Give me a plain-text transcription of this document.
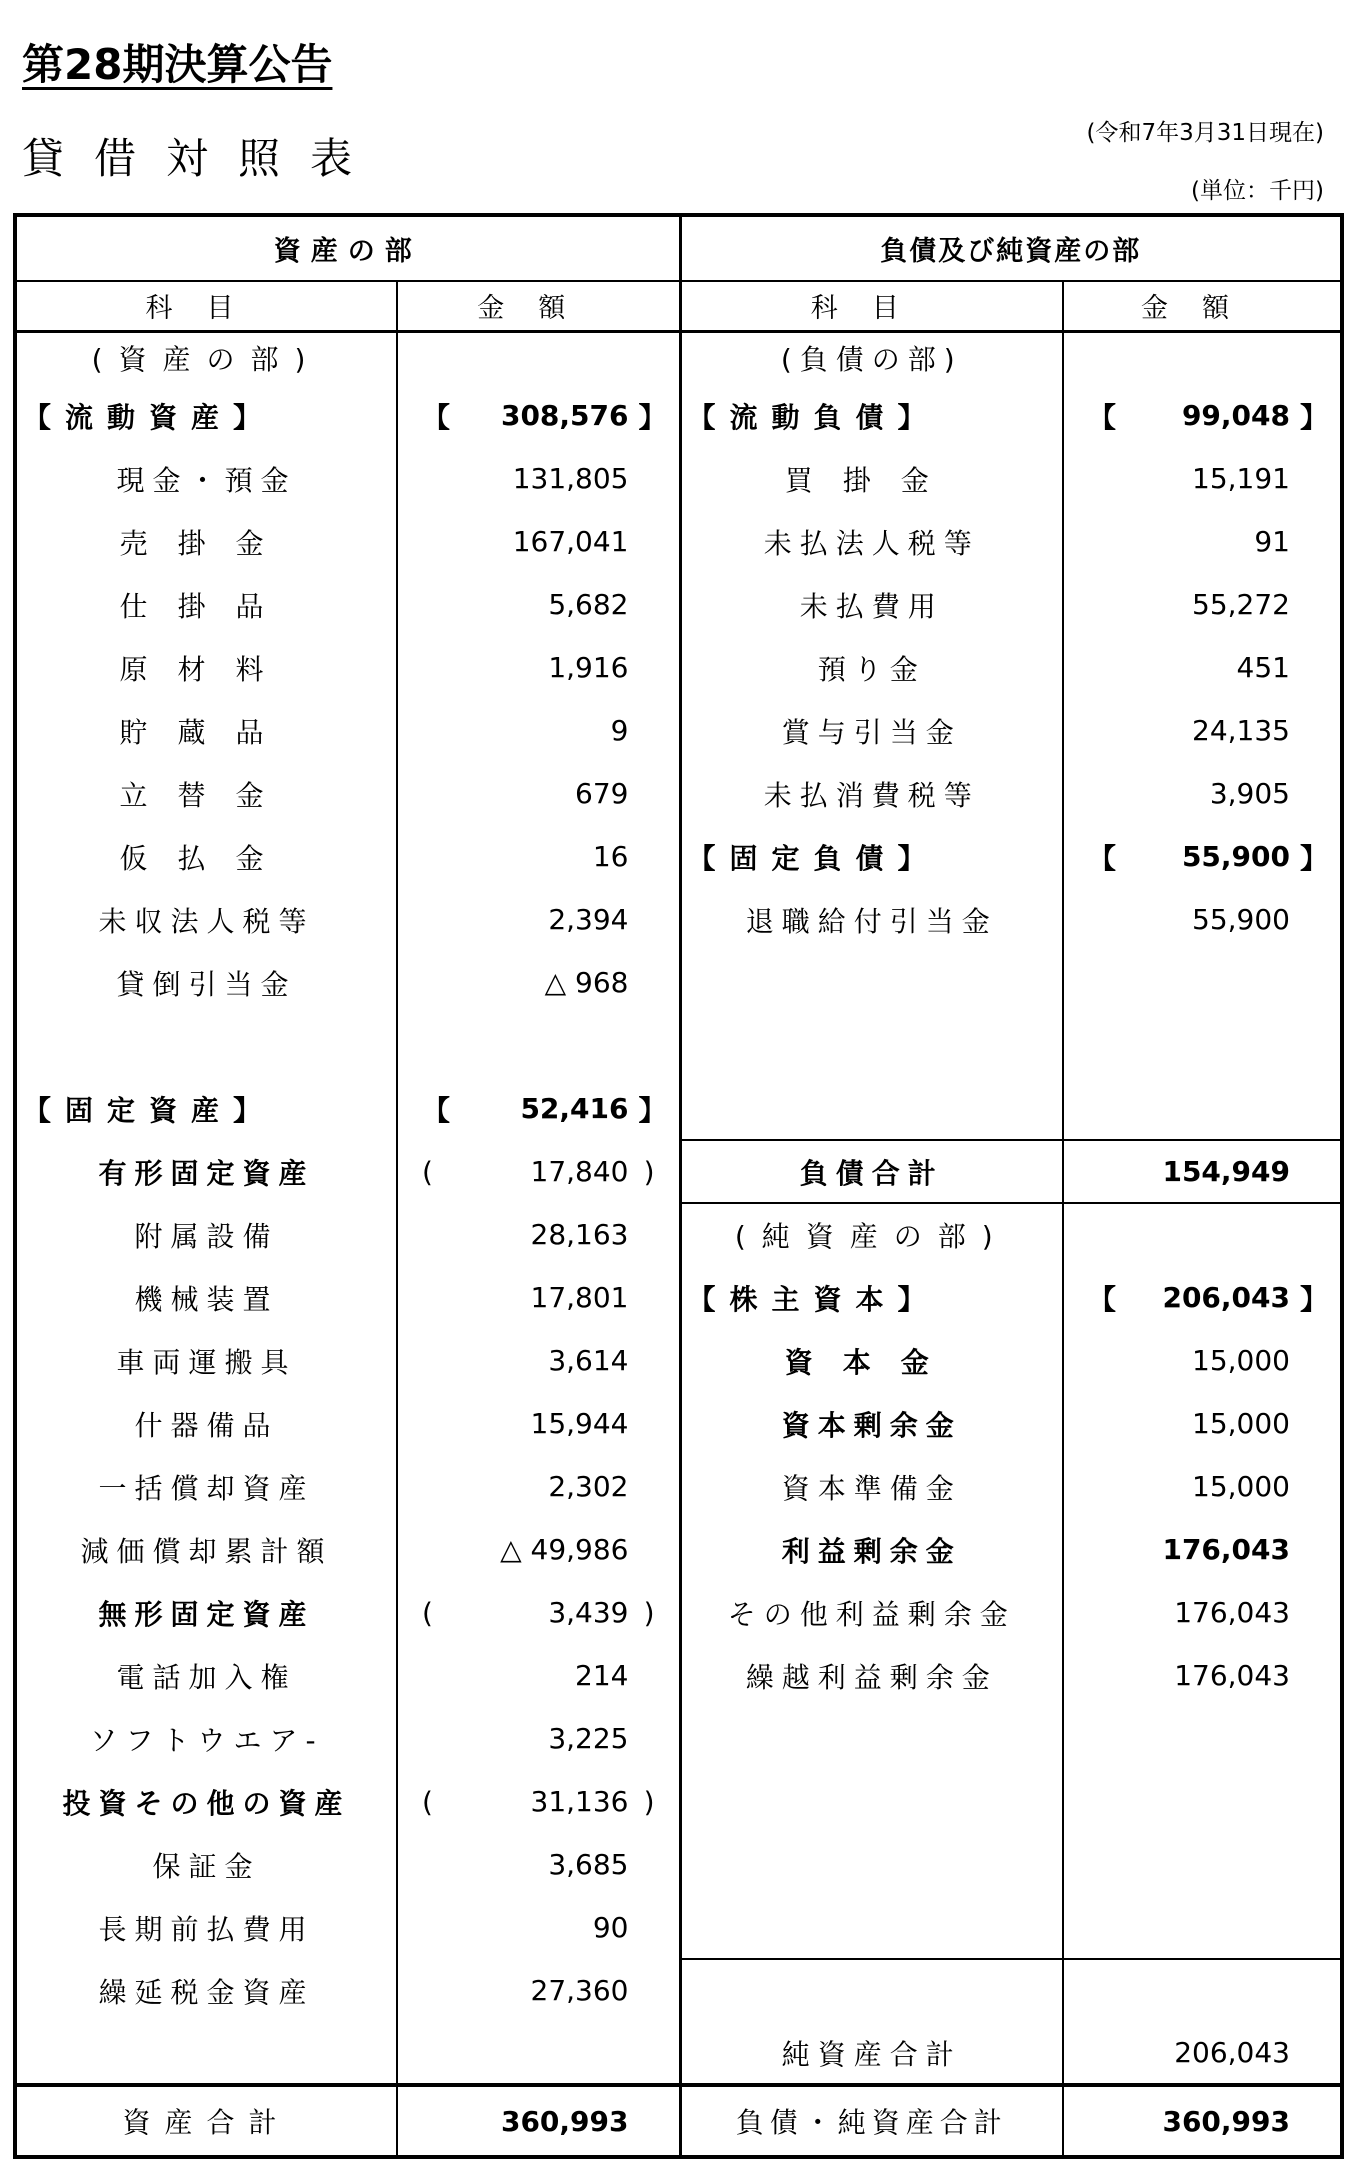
第28期決算公告
貸借対照表
(令和7年3月31日現在)
(単位：千円)
資産の部		負債及び純資産の部	
科目	金額	科目	金額
(資産の部)		(負債の部)	
【流動資産】	【 308,576 】	【流動負債】	【 99,048 】

現金・預金	131,805	買掛金	15,191
売掛金	167,041	未払法人税等	91
仕掛品	5,682	未払費用	55,272
原材料	1,916	預り金	451
貯蔵品	9	賞与引当金	24,135
立替金	679	未払消費税等	3,905
仮払金	16	【固定負債】	【 55,900 】

未収法人税等	2,394	退職給付引当金	55,900
貸倒引当金	△ 968		

【固定資産】	【 52,416 】		

有形固定資産	( 17,840 )	負債合計	154,949
附属設備	28,163	(純資産の部)	
機械装置	17,801	【株主資本】	【 206,043 】

車両運搬具	3,614	資本金	15,000
什器備品	15,944	資本剰余金	15,000
一括償却資産	2,302	資本準備金	15,000
減価償却累計額	△ 49,986	利益剰余金	176,043
無形固定資産	( 3,439 )	その他利益剰余金	176,043
電話加入権	214	繰越利益剰余金	176,043
ソフトウエア-	3,225		
投資その他の資産	( 31,136 )		

保証金	3,685		
長期前払費用	90		
繰延税金資産	27,360		
		純資産合計	206,043
資産合計	360,993	負債・純資産合計	360,993
